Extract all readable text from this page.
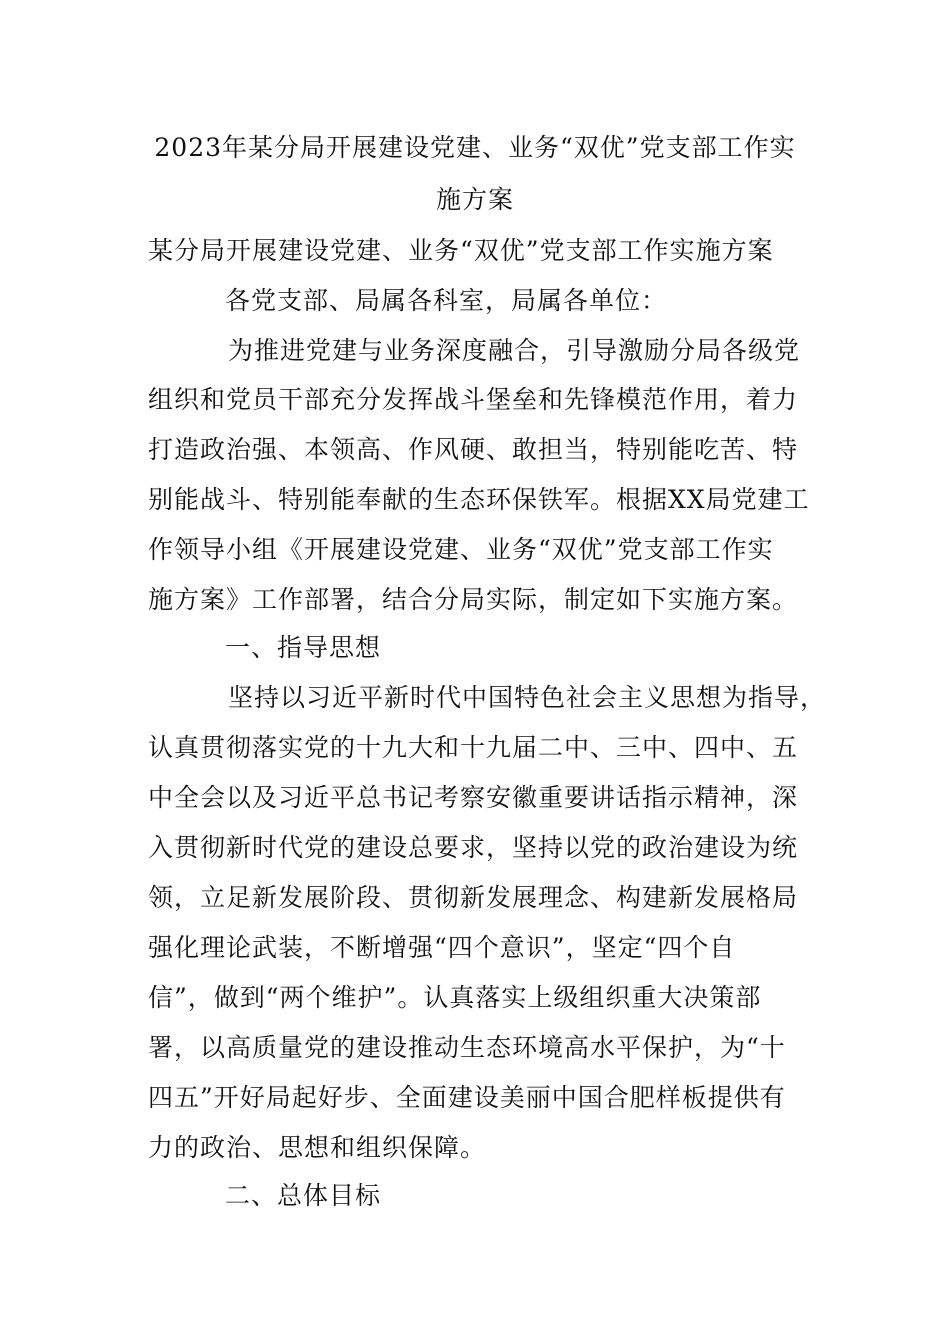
2023年某分局开展建设党建、业务“双优”党支部工作实
施方案
某分局开展建设党建、业务“双优”党支部工作实施方案
各党支部、局属各科室，局属各单位：
为推进党建与业务深度融合，引导激励分局各级党
组织和党员干部充分发挥战斗堡垒和先锋模范作用，着力
打造政治强、本领高、作风硬、敢担当，特别能吃苦、特
别能战斗、特别能奉献的生态环保铁军。根据XX局党建工
作领导小组《开展建设党建、业务“双优”党支部工作实
施方案》工作部署，结合分局实际，制定如下实施方案。
一、指导思想
坚持以习近平新时代中国特色社会主义思想为指导，
认真贯彻落实党的十九大和十九届二中、三中、四中、五
中全会以及习近平总书记考察安徽重要讲话指示精神，深
入贯彻新时代党的建设总要求，坚持以党的政治建设为统
领，立足新发展阶段、贯彻新发展理念、构建新发展格局
强化理论武装，不断增强“四个意识”，坚定“四个自
信”，做到“两个维护”。认真落实上级组织重大决策部
署，以高质量党的建设推动生态环境高水平保护，为“十
四五”开好局起好步、全面建设美丽中国合肥样板提供有
力的政治、思想和组织保障。
二、总体目标
